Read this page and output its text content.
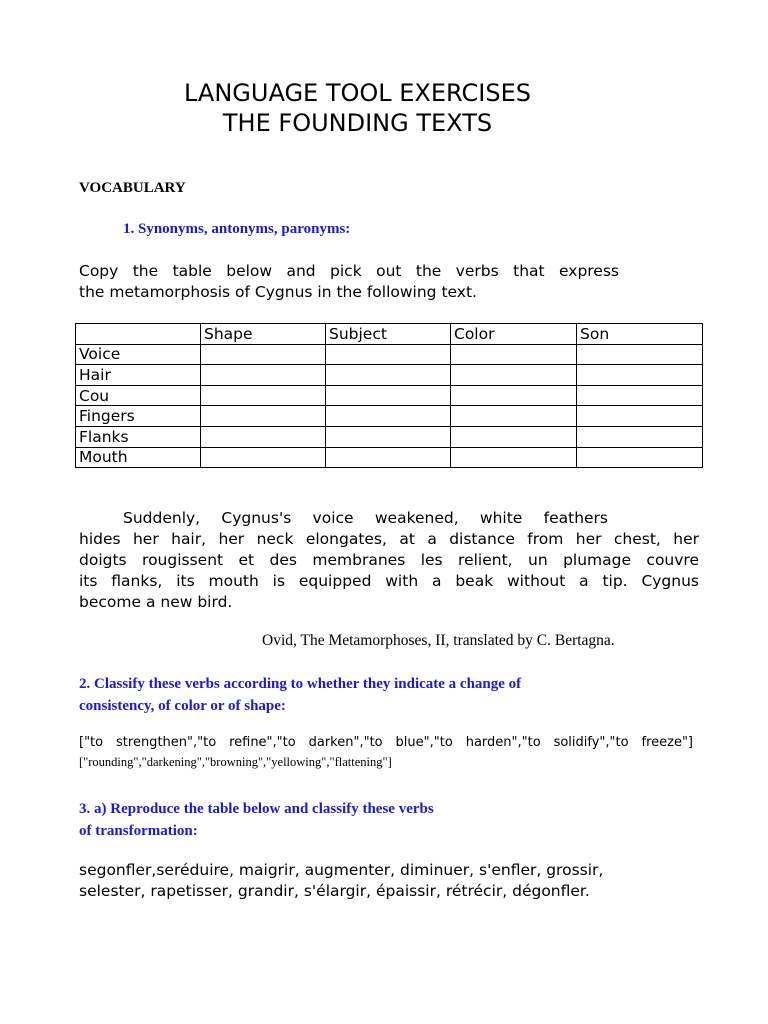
LANGUAGE TOOL EXERCISES
THE FOUNDING TEXTS
VOCABULARY
1. Synonyms, antonyms, paronyms:
Copy the table below and pick out the verbs that express
the metamorphosis of Cygnus in the following text.
	Shape	Subject	Color	Son
Voice				
Hair				
Cou				
Fingers				
Flanks				
Mouth				
Suddenly, Cygnus's voice weakened, white feathers
hides her hair, her neck elongates, at a distance from her chest, her
doigts rougissent et des membranes les relient, un plumage couvre
its flanks, its mouth is equipped with a beak without a tip. Cygnus
become a new bird.
Ovid, The Metamorphoses, II, translated by C. Bertagna.
2. Classify these verbs according to whether they indicate a change of
consistency, of color or of shape:
["to strengthen","to refine","to darken","to blue","to harden","to solidify","to freeze"]
["rounding","darkening","browning","yellowing","flattening"]
3. a) Reproduce the table below and classify these verbs
of transformation:
segonfler,seréduire, maigrir, augmenter, diminuer, s'enfler, grossir,
selester, rapetisser, grandir, s'élargir, épaissir, rétrécir, dégonfler.
